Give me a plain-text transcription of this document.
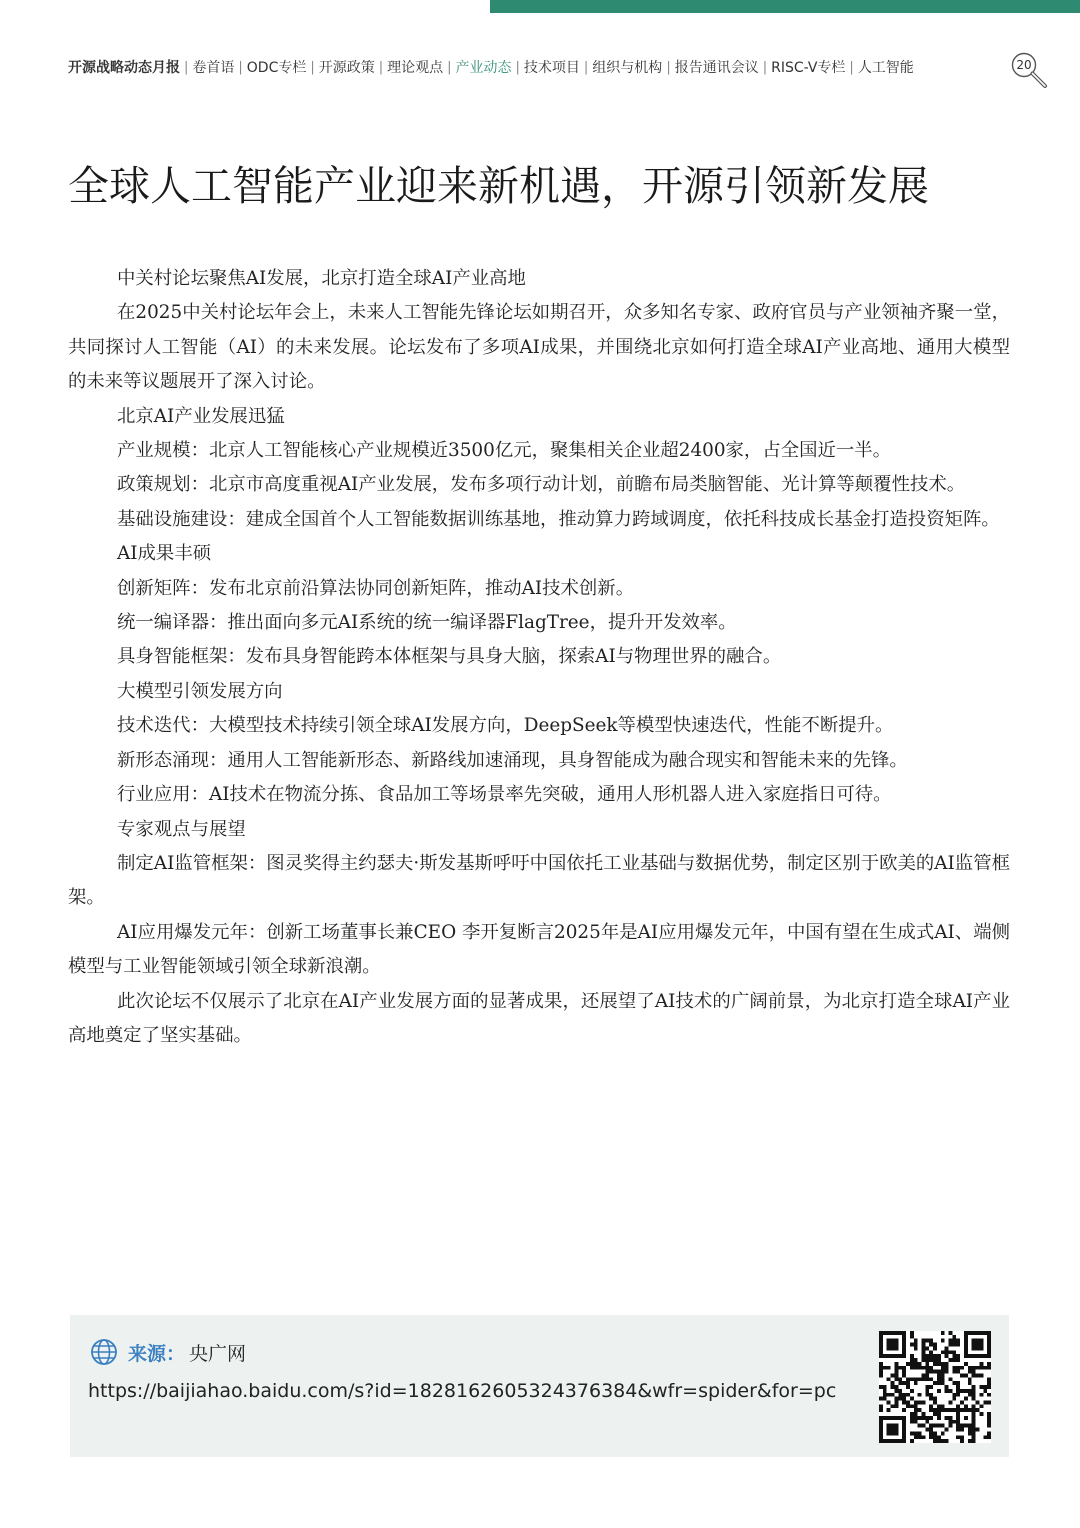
开源战略动态月报 | 卷首语 | ODC专栏 | 开源政策 | 理论观点 | 产业动态 | 技术项目 | 组织与机构 | 报告通讯会议 | RISC-V专栏 | 人工智能	20
全球人工智能产业迎来新机遇，开源引领新发展

中关村论坛聚焦AI发展，北京打造全球AI产业高地

在2025中关村论坛年会上，未来人工智能先锋论坛如期召开，众多知名专家、政府官员与产业领袖齐聚一堂，共同探讨人工智能（AI）的未来发展。论坛发布了多项AI成果，并围绕北京如何打造全球AI产业高地、通用大模型的未来等议题展开了深入讨论。

北京AI产业发展迅猛

产业规模：北京人工智能核心产业规模近3500亿元，聚集相关企业超2400家，占全国近一半。

政策规划：北京市高度重视AI产业发展，发布多项行动计划，前瞻布局类脑智能、光计算等颠覆性技术。

基础设施建设：建成全国首个人工智能数据训练基地，推动算力跨域调度，依托科技成长基金打造投资矩阵。

AI成果丰硕

创新矩阵：发布北京前沿算法协同创新矩阵，推动AI技术创新。

统一编译器：推出面向多元AI系统的统一编译器FlagTree，提升开发效率。

具身智能框架：发布具身智能跨本体框架与具身大脑，探索AI与物理世界的融合。

大模型引领发展方向

技术迭代：大模型技术持续引领全球AI发展方向，DeepSeek等模型快速迭代，性能不断提升。

新形态涌现：通用人工智能新形态、新路线加速涌现，具身智能成为融合现实和智能未来的先锋。

行业应用：AI技术在物流分拣、食品加工等场景率先突破，通用人形机器人进入家庭指日可待。

专家观点与展望

制定AI监管框架：图灵奖得主约瑟夫·斯发基斯呼吁中国依托工业基础与数据优势，制定区别于欧美的AI监管框架。

AI应用爆发元年：创新工场董事长兼CEO 李开复断言2025年是AI应用爆发元年，中国有望在生成式AI、端侧模型与工业智能领域引领全球新浪潮。

此次论坛不仅展示了北京在AI产业发展方面的显著成果，还展望了AI技术的广阔前景，为北京打造全球AI产业高地奠定了坚实基础。

来源： 央广网
https://baijiahao.baidu.com/s?id=1828162605324376384&wfr=spider&for=pc
